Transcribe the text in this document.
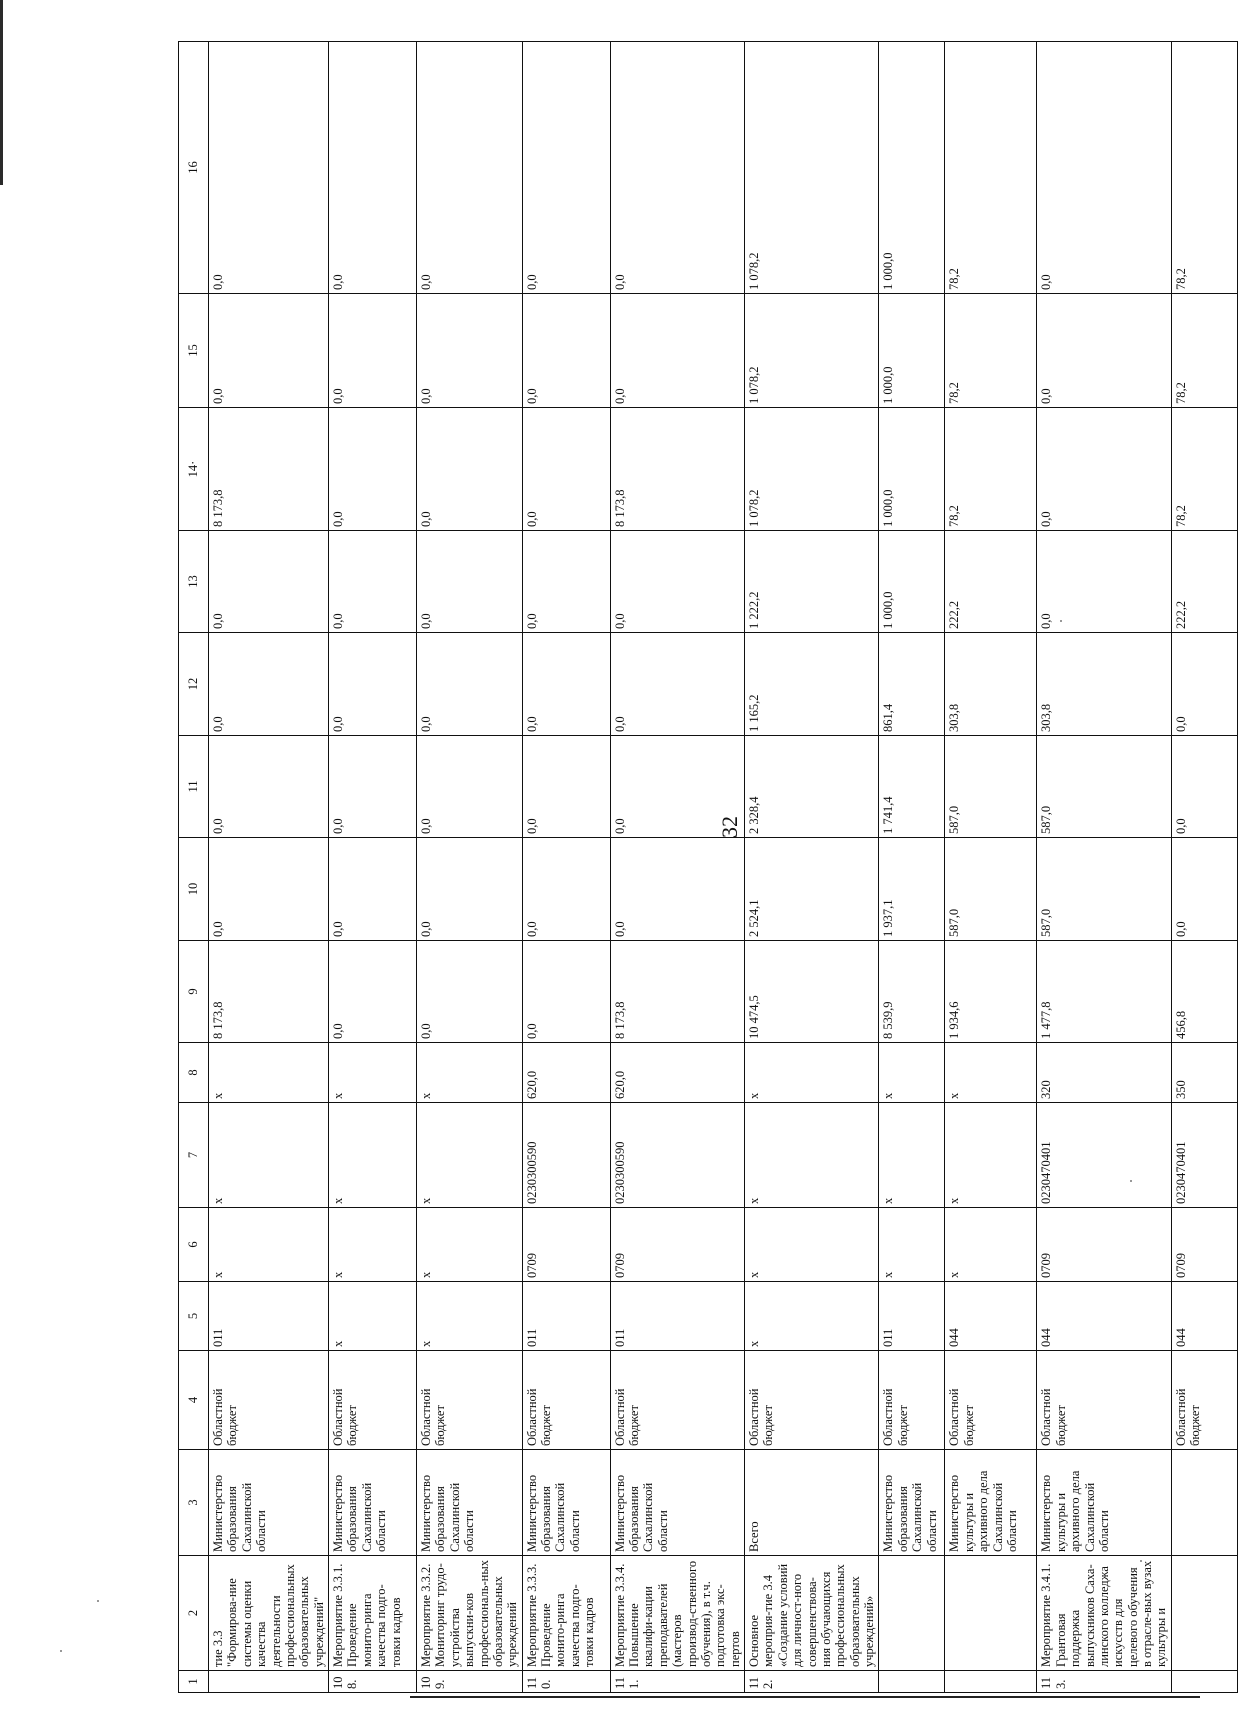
32
1	2	3	4	5	6	7	8	9	10	11	12	13	14·	15	16
	тие 3.3 "Формирова-ние системы оценки качества деятельности профессиональных образовательных учреждений"	Министерство образования Сахалинской области	Областной бюджет	011	x	x	x	8 173,8	0,0	0,0	0,0	0,0	8 173,8	0,0	0,0
108.	Мероприятие 3.3.1. Проведение монито-ринга качества подго-товки кадров	Министерство образования Сахалинской области	Областной бюджет	x	x	x	x	0,0	0,0	0,0	0,0	0,0	0,0	0,0	0,0
109.	Мероприятие 3.3.2. Мониторинг трудо-устройства выпускни-ков профессиональ-ных образовательных учреждений	Министерство образования Сахалинской области	Областной бюджет	x	x	x	x	0,0	0,0	0,0	0,0	0,0	0,0	0,0	0,0
110.	Мероприятие 3.3.3. Проведение монито-ринга качества подго-товки кадров	Министерство образования Сахалинской области	Областной бюджет	011	0709	0230300590	620,0	0,0	0,0	0,0	0,0	0,0	0,0	0,0	0,0
111.	Мероприятие 3.3.4. Повышение квалифи-кации преподавателей (мастеров производ-ственного обучения), в т.ч. подготовка экс-пертов	Министерство образования Сахалинской области	Областной бюджет	011	0709	0230300590	620,0	8 173,8	0,0	0,0	0,0	0,0	8 173,8	0,0	0,0
112.	Основное мероприя-тие 3.4 «Создание условий для личност-ного совершенствова-ния обучающихся профессиональных образовательных учреждений»	Всего	Областной бюджет	x	x	x	x	10 474,5	2 524,1	2 328,4	1 165,2	1 222,2	1 078,2	1 078,2	1 078,2
		Министерство образования Сахалинской области	Областной бюджет	011	x	x	x	8 539,9	1 937,1	1 741,4	861,4	1 000,0	1 000,0	1 000,0	1 000,0
		Министерство культуры и архивного дела Сахалинской области	Областной бюджет	044	x	x	x	1 934,6	587,0	587,0	303,8	222,2	78,2	78,2	78,2
113.	Мероприятие 3.4.1. Грантовая поддержка выпускников Саха-линского колледжа искусств для целевого обучения в отрасле-вых вузах культуры и	Министерство культуры и архивного дела Сахалинской области	Областной бюджет	044	0709	0230470401	320	1 477,8	587,0	587,0	303,8	0,0	0,0	0,0	0,0
			Областной бюджет	044	0709	0230470401	350	456,8	0,0	0,0	0,0	222,2	78,2	78,2	78,2
